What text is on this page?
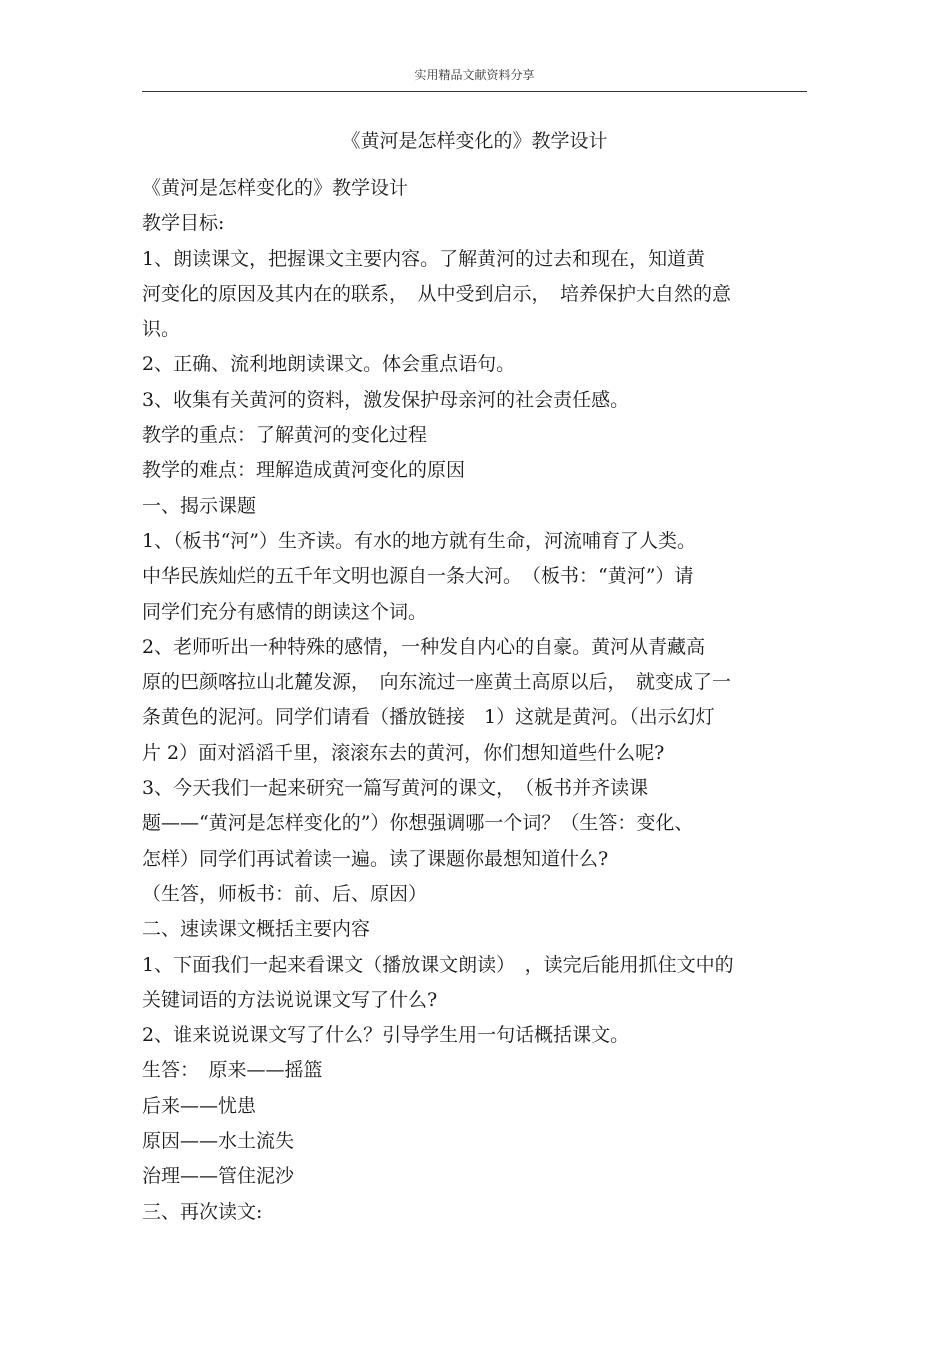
实用精品文献资料分享
《黄河是怎样变化的》教学设计
《黄河是怎样变化的》教学设计
教学目标:
1、朗读课文，把握课文主要内容。了解黄河的过去和现在，知道黄
河变化的原因及其内在的联系，　从中受到启示，　培养保护大自然的意
识。
2、正确、流利地朗读课文。体会重点语句。
3、收集有关黄河的资料，激发保护母亲河的社会责任感。
教学的重点：了解黄河的变化过程
教学的难点：理解造成黄河变化的原因
一、揭示课题
1、（板书“河”）生齐读。有水的地方就有生命，河流哺育了人类。
中华民族灿烂的五千年文明也源自一条大河。　（板书：“黄河”）请
同学们充分有感情的朗读这个词。
2、老师听出一种特殊的感情，一种发自内心的自豪。黄河从青藏高
原的巴颜喀拉山北麓发源，　向东流过一座黄土高原以后，　就变成了一
条黄色的泥河。同学们请看（播放链接　1）这就是黄河。（出示幻灯
片 2）面对滔滔千里，滚滚东去的黄河，你们想知道些什么呢?
3、今天我们一起来研究一篇写黄河的课文，　（板书并齐读课
题——“黄河是怎样变化的”）你想强调哪一个词？（生答：变化、
怎样）同学们再试着读一遍。读了课题你最想知道什么?
（生答，师板书：前、后、原因）
二、速读课文概括主要内容
1、下面我们一起来看课文（播放课文朗读）　，读完后能用抓住文中的
关键词语的方法说说课文写了什么?
2、谁来说说课文写了什么？引导学生用一句话概括课文。
生答：　原来——摇篮
后来——忧患
原因——水土流失
治理——管住泥沙
三、再次读文:
